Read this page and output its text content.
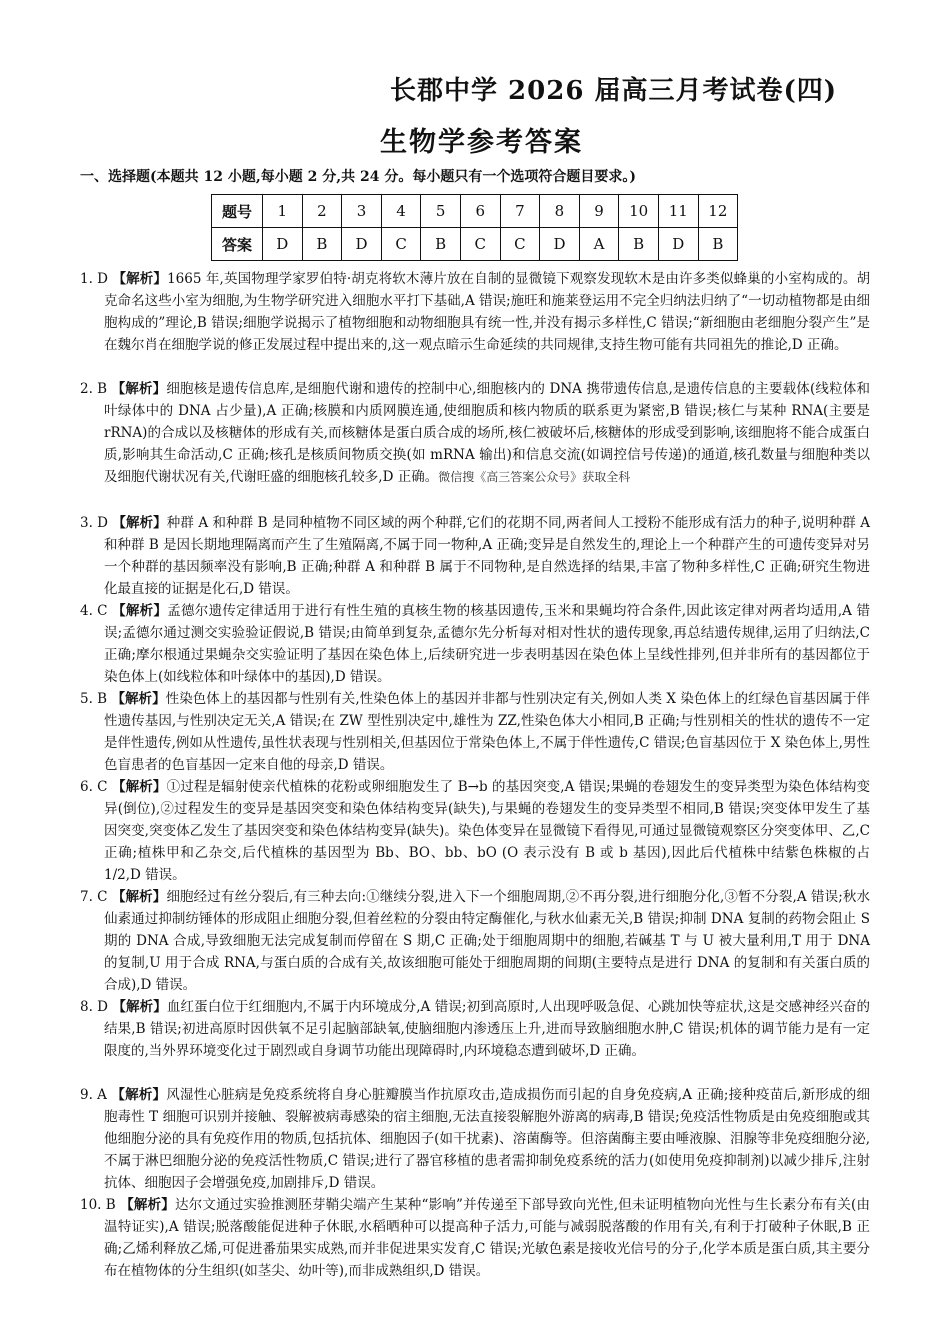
长郡中学 2026 届高三月考试卷(四)
生物学参考答案
一、选择题(本题共 12 小题,每小题 2 分,共 24 分。每小题只有一个选项符合题目要求。)
题号	1	2	3	4	5	6	7	8	9	10	11	12
答案	D	B	D	C	B	C	C	D	A	B	D	B
1. D 【解析】1665 年,英国物理学家罗伯特·胡克将软木薄片放在自制的显微镜下观察发现软木是由许多类似蜂巢的小室构成的。胡克命名这些小室为细胞,为生物学研究进入细胞水平打下基础,A 错误;施旺和施莱登运用不完全归纳法归纳了“一切动植物都是由细胞构成的”理论,B 错误;细胞学说揭示了植物细胞和动物细胞具有统一性,并没有揭示多样性,C 错误;“新细胞由老细胞分裂产生”是在魏尔肖在细胞学说的修正发展过程中提出来的,这一观点暗示生命延续的共同规律,支持生物可能有共同祖先的推论,D 正确。
2. B 【解析】细胞核是遗传信息库,是细胞代谢和遗传的控制中心,细胞核内的 DNA 携带遗传信息,是遗传信息的主要载体(线粒体和叶绿体中的 DNA 占少量),A 正确;核膜和内质网膜连通,使细胞质和核内物质的联系更为紧密,B 错误;核仁与某种 RNA(主要是 rRNA)的合成以及核糖体的形成有关,而核糖体是蛋白质合成的场所,核仁被破坏后,核糖体的形成受到影响,该细胞将不能合成蛋白质,影响其生命活动,C 正确;核孔是核质间物质交换(如 mRNA 输出)和信息交流(如调控信号传递)的通道,核孔数量与细胞种类以及细胞代谢状况有关,代谢旺盛的细胞核孔较多,D 正确。微信搜《高三答案公众号》获取全科
3. D 【解析】种群 A 和种群 B 是同种植物不同区域的两个种群,它们的花期不同,两者间人工授粉不能形成有活力的种子,说明种群 A 和种群 B 是因长期地理隔离而产生了生殖隔离,不属于同一物种,A 正确;变异是自然发生的,理论上一个种群产生的可遗传变异对另一个种群的基因频率没有影响,B 正确;种群 A 和种群 B 属于不同物种,是自然选择的结果,丰富了物种多样性,C 正确;研究生物进化最直接的证据是化石,D 错误。
4. C 【解析】孟德尔遗传定律适用于进行有性生殖的真核生物的核基因遗传,玉米和果蝇均符合条件,因此该定律对两者均适用,A 错误;孟德尔通过测交实验验证假说,B 错误;由简单到复杂,孟德尔先分析每对相对性状的遗传现象,再总结遗传规律,运用了归纳法,C 正确;摩尔根通过果蝇杂交实验证明了基因在染色体上,后续研究进一步表明基因在染色体上呈线性排列,但并非所有的基因都位于染色体上(如线粒体和叶绿体中的基因),D 错误。
5. B 【解析】性染色体上的基因都与性别有关,性染色体上的基因并非都与性别决定有关,例如人类 X 染色体上的红绿色盲基因属于伴性遗传基因,与性别决定无关,A 错误;在 ZW 型性别决定中,雄性为 ZZ,性染色体大小相同,B 正确;与性别相关的性状的遗传不一定是伴性遗传,例如从性遗传,虽性状表现与性别相关,但基因位于常染色体上,不属于伴性遗传,C 错误;色盲基因位于 X 染色体上,男性色盲患者的色盲基因一定来自他的母亲,D 错误。
6. C 【解析】①过程是辐射使亲代植株的花粉或卵细胞发生了 B→b 的基因突变,A 错误;果蝇的卷翅发生的变异类型为染色体结构变异(倒位),②过程发生的变异是基因突变和染色体结构变异(缺失),与果蝇的卷翅发生的变异类型不相同,B 错误;突变体甲发生了基因突变,突变体乙发生了基因突变和染色体结构变异(缺失)。染色体变异在显微镜下看得见,可通过显微镜观察区分突变体甲、乙,C 正确;植株甲和乙杂交,后代植株的基因型为 Bb、BO、bb、bO (O 表示没有 B 或 b 基因),因此后代植株中结紫色株椒的占 1/2,D 错误。
7. C 【解析】细胞经过有丝分裂后,有三种去向:①继续分裂,进入下一个细胞周期,②不再分裂,进行细胞分化,③暂不分裂,A 错误;秋水仙素通过抑制纺锤体的形成阻止细胞分裂,但着丝粒的分裂由特定酶催化,与秋水仙素无关,B 错误;抑制 DNA 复制的药物会阻止 S 期的 DNA 合成,导致细胞无法完成复制而停留在 S 期,C 正确;处于细胞周期中的细胞,若碱基 T 与 U 被大量利用,T 用于 DNA 的复制,U 用于合成 RNA,与蛋白质的合成有关,故该细胞可能处于细胞周期的间期(主要特点是进行 DNA 的复制和有关蛋白质的合成),D 错误。
8. D 【解析】血红蛋白位于红细胞内,不属于内环境成分,A 错误;初到高原时,人出现呼吸急促、心跳加快等症状,这是交感神经兴奋的结果,B 错误;初进高原时因供氧不足引起脑部缺氧,使脑细胞内渗透压上升,进而导致脑细胞水肿,C 错误;机体的调节能力是有一定限度的,当外界环境变化过于剧烈或自身调节功能出现障碍时,内环境稳态遭到破坏,D 正确。
9. A 【解析】风湿性心脏病是免疫系统将自身心脏瓣膜当作抗原攻击,造成损伤而引起的自身免疫病,A 正确;接种疫苗后,新形成的细胞毒性 T 细胞可识别并接触、裂解被病毒感染的宿主细胞,无法直接裂解胞外游离的病毒,B 错误;免疫活性物质是由免疫细胞或其他细胞分泌的具有免疫作用的物质,包括抗体、细胞因子(如干扰素)、溶菌酶等。但溶菌酶主要由唾液腺、泪腺等非免疫细胞分泌,不属于淋巴细胞分泌的免疫活性物质,C 错误;进行了器官移植的患者需抑制免疫系统的活力(如使用免疫抑制剂)以减少排斥,注射抗体、细胞因子会增强免疫,加剧排斥,D 错误。
10. B 【解析】达尔文通过实验推测胚芽鞘尖端产生某种“影响”并传递至下部导致向光性,但未证明植物向光性与生长素分布有关(由温特证实),A 错误;脱落酸能促进种子休眠,水稻晒种可以提高种子活力,可能与减弱脱落酸的作用有关,有利于打破种子休眠,B 正确;乙烯利释放乙烯,可促进番茄果实成熟,而并非促进果实发育,C 错误;光敏色素是接收光信号的分子,化学本质是蛋白质,其主要分布在植物体的分生组织(如茎尖、幼叶等),而非成熟组织,D 错误。
